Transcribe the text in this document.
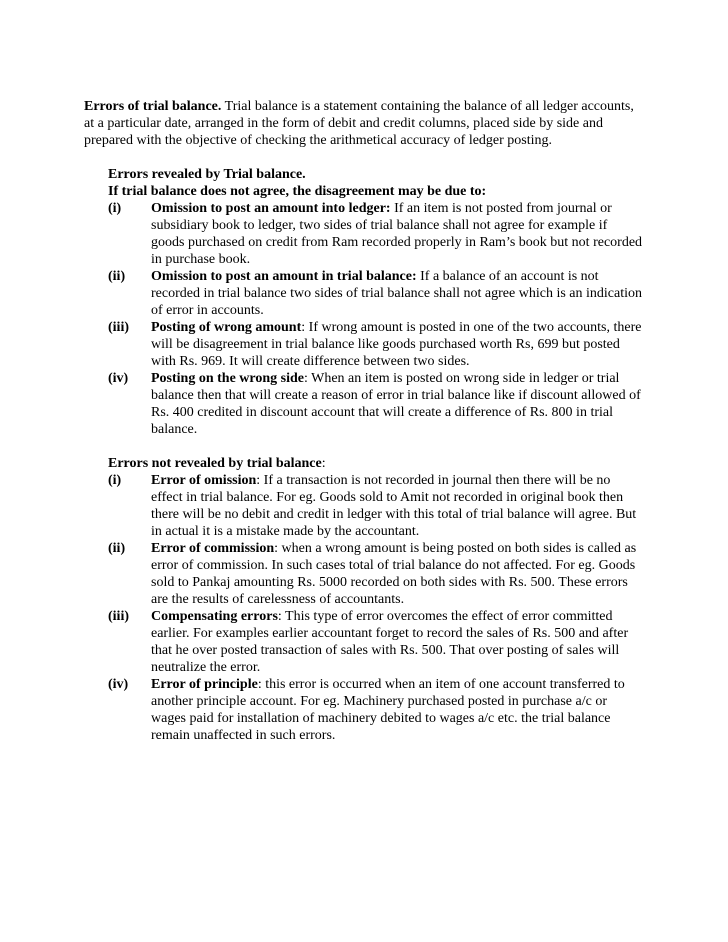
Errors of trial balance. Trial balance is a statement containing the balance of all ledger accounts, at a particular date, arranged in the form of debit and credit columns, placed side by side and prepared with the objective of checking the arithmetical accuracy of ledger posting.

Errors revealed by Trial balance.

If trial balance does not agree, the disagreement may be due to:

(i) Omission to post an amount into ledger: If an item is not posted from journal or subsidiary book to ledger, two sides of trial balance shall not agree for example if goods purchased on credit from Ram recorded properly in Ram’s book but not recorded in purchase book.
(ii) Omission to post an amount in trial balance: If a balance of an account is not recorded in trial balance two sides of trial balance shall not agree which is an indication of error in accounts.
(iii) Posting of wrong amount: If wrong amount is posted in one of the two accounts, there will be disagreement in trial balance like goods purchased worth Rs, 699 but posted with Rs. 969. It will create difference between two sides.
(iv) Posting on the wrong side: When an item is posted on wrong side in ledger or trial balance then that will create a reason of error in trial balance like if discount allowed of Rs. 400 credited in discount account that will create a difference of Rs. 800 in trial balance.

Errors not revealed by trial balance:

(i) Error of omission: If a transaction is not recorded in journal then there will be no effect in trial balance. For eg. Goods sold to Amit not recorded in original book then there will be no debit and credit in ledger with this total of trial balance will agree. But in actual it is a mistake made by the accountant.
(ii) Error of commission: when a wrong amount is being posted on both sides is called as error of commission. In such cases total of trial balance do not affected. For eg. Goods sold to Pankaj amounting Rs. 5000 recorded on both sides with Rs. 500. These errors are the results of carelessness of accountants.
(iii) Compensating errors: This type of error overcomes the effect of error committed earlier. For examples earlier accountant forget to record the sales of Rs. 500 and after that he over posted transaction of sales with Rs. 500. That over posting of sales will neutralize the error.
(iv) Error of principle: this error is occurred when an item of one account transferred to another principle account. For eg. Machinery purchased posted in purchase a/c or wages paid for installation of machinery debited to wages a/c etc. the trial balance remain unaffected in such errors.
